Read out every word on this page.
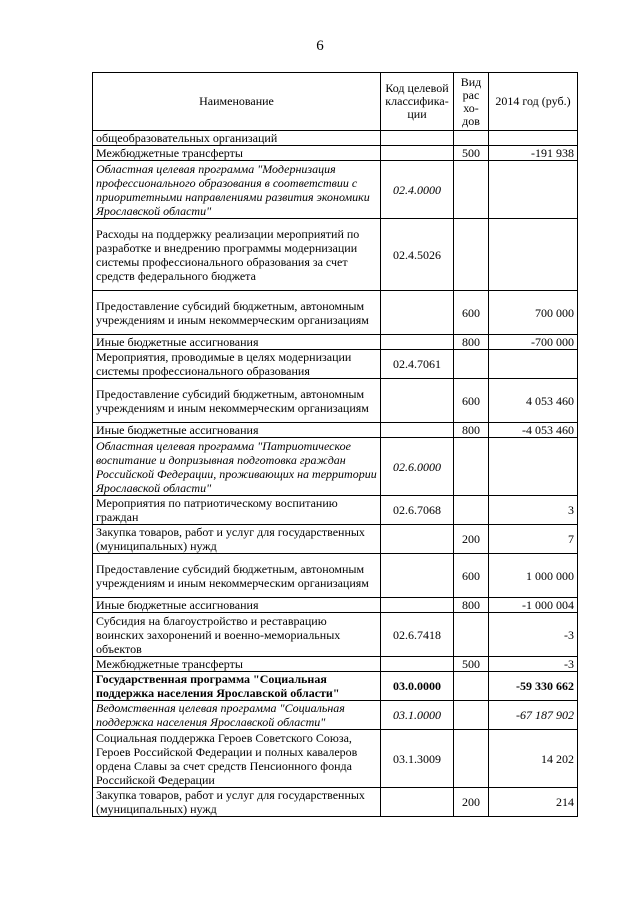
6
Наименование	Код целевой классифика-ции	Вид рас хо-дов	2014 год (руб.)
общеобразовательных организаций			
Межбюджетные трансферты		500	-191 938
Областная целевая программа "Модернизация профессионального образования в соответствии с приоритетными направлениями развития экономики Ярославской области"	02.4.0000		
Расходы на поддержку реализации мероприятий по разработке и внедрению программы модернизации системы профессионального образования за счет средств федерального бюджета	02.4.5026		
Предоставление субсидий бюджетным, автономным учреждениям и иным некоммерческим организациям		600	700 000
Иные бюджетные ассигнования		800	-700 000
Мероприятия, проводимые в целях модернизации системы профессионального образования	02.4.7061		
Предоставление субсидий бюджетным, автономным учреждениям и иным некоммерческим организациям		600	4 053 460
Иные бюджетные ассигнования		800	-4 053 460
Областная целевая программа "Патриотическое воспитание и допризывная подготовка граждан Российской Федерации, проживающих на территории Ярославской области"	02.6.0000		
Мероприятия по патриотическому воспитанию граждан	02.6.7068		3
Закупка товаров, работ и услуг для государственных (муниципальных) нужд		200	7
Предоставление субсидий бюджетным, автономным учреждениям и иным некоммерческим организациям		600	1 000 000
Иные бюджетные ассигнования		800	-1 000 004
Субсидия на благоустройство и реставрацию воинских захоронений и военно-мемориальных объектов	02.6.7418		-3
Межбюджетные трансферты		500	-3
Государственная программа "Социальная поддержка населения Ярославской области"	03.0.0000		-59 330 662
Ведомственная целевая программа "Социальная поддержка населения Ярославской области"	03.1.0000		-67 187 902
Социальная поддержка Героев Советского Союза, Героев Российской Федерации и полных кавалеров ордена Славы за счет средств Пенсионного фонда Российской Федерации	03.1.3009		14 202
Закупка товаров, работ и услуг для государственных (муниципальных) нужд		200	214
